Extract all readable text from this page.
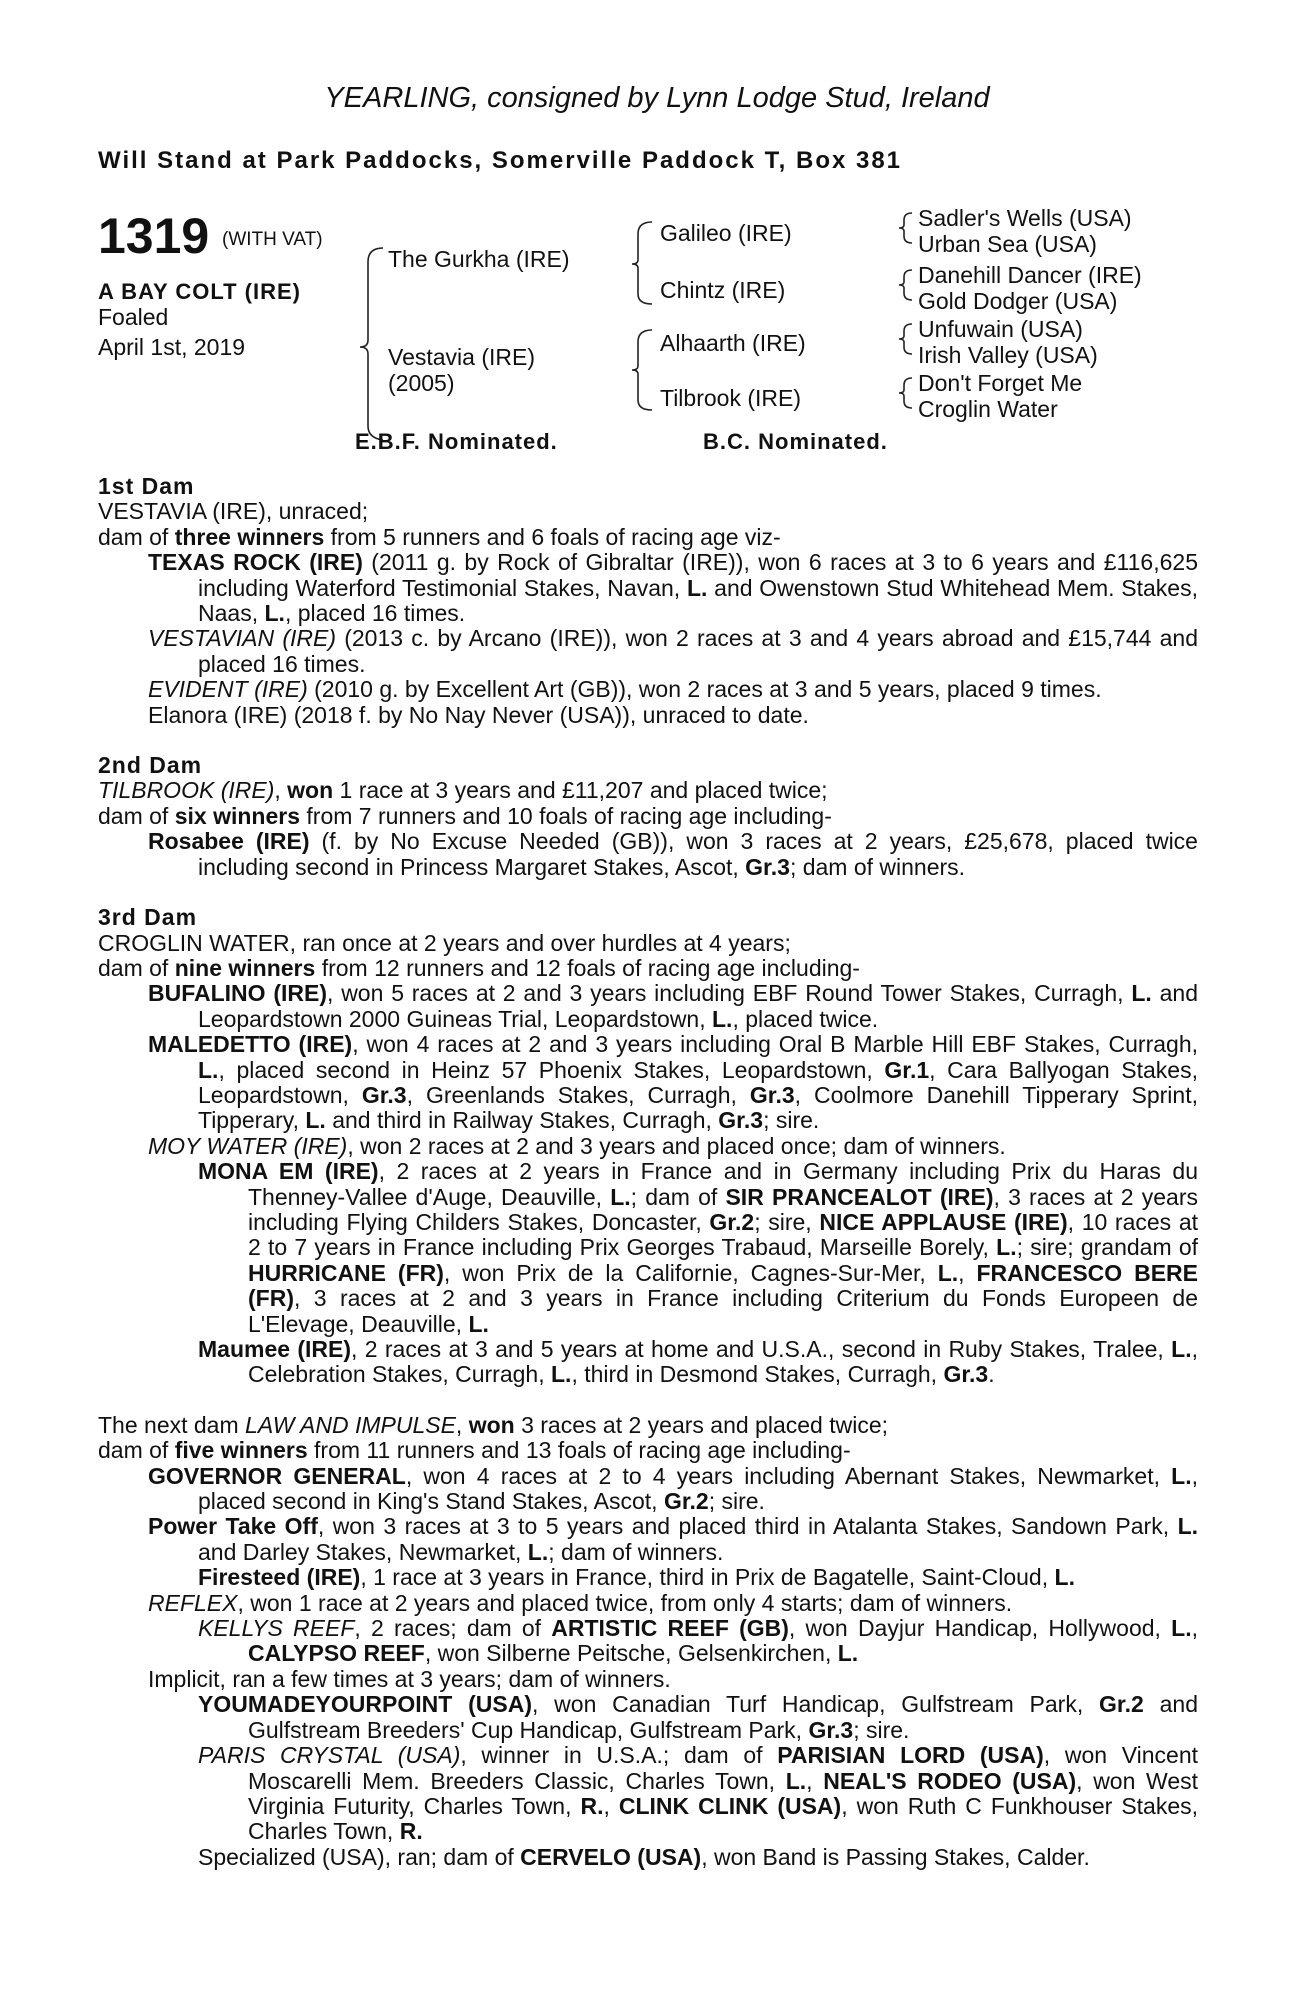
YEARLING, consigned by Lynn Lodge Stud, Ireland
Will Stand at Park Paddocks, Somerville Paddock T, Box 381
1319 (WITH VAT)
A BAY COLT (IRE)
Foaled
April 1st, 2019
The Gurkha (IRE)
Vestavia (IRE)
(2005)
Galileo (IRE)
Chintz (IRE)
Alhaarth (IRE)
Tilbrook (IRE)
Sadler's Wells (USA)
Urban Sea (USA)
Danehill Dancer (IRE)
Gold Dodger (USA)
Unfuwain (USA)
Irish Valley (USA)
Don't Forget Me
Croglin Water
E.B.F. Nominated.	B.C. Nominated.

1st Dam

VESTAVIA (IRE), unraced;

dam of three winners from 5 runners and 6 foals of racing age viz-

TEXAS ROCK (IRE) (2011 g. by Rock of Gibraltar (IRE)), won 6 races at 3 to 6 years and £116,625 including Waterford Testimonial Stakes, Navan, L. and Owenstown Stud Whitehead Mem. Stakes, Naas, L., placed 16 times.

VESTAVIAN (IRE) (2013 c. by Arcano (IRE)), won 2 races at 3 and 4 years abroad and £15,744 and placed 16 times.

EVIDENT (IRE) (2010 g. by Excellent Art (GB)), won 2 races at 3 and 5 years, placed 9 times.

Elanora (IRE) (2018 f. by No Nay Never (USA)), unraced to date.

2nd Dam

TILBROOK (IRE), won 1 race at 3 years and £11,207 and placed twice;

dam of six winners from 7 runners and 10 foals of racing age including-

Rosabee (IRE) (f. by No Excuse Needed (GB)), won 3 races at 2 years, £25,678, placed twice including second in Princess Margaret Stakes, Ascot, Gr.3; dam of winners.

3rd Dam

CROGLIN WATER, ran once at 2 years and over hurdles at 4 years;

dam of nine winners from 12 runners and 12 foals of racing age including-

BUFALINO (IRE), won 5 races at 2 and 3 years including EBF Round Tower Stakes, Curragh, L. and Leopardstown 2000 Guineas Trial, Leopardstown, L., placed twice.

MALEDETTO (IRE), won 4 races at 2 and 3 years including Oral B Marble Hill EBF Stakes, Curragh, L., placed second in Heinz 57 Phoenix Stakes, Leopardstown, Gr.1, Cara Ballyogan Stakes, Leopardstown, Gr.3, Greenlands Stakes, Curragh, Gr.3, Coolmore Danehill Tipperary Sprint, Tipperary, L. and third in Railway Stakes, Curragh, Gr.3; sire.

MOY WATER (IRE), won 2 races at 2 and 3 years and placed once; dam of winners.

MONA EM (IRE), 2 races at 2 years in France and in Germany including Prix du Haras du Thenney-Vallee d'Auge, Deauville, L.; dam of SIR PRANCEALOT (IRE), 3 races at 2 years including Flying Childers Stakes, Doncaster, Gr.2; sire, NICE APPLAUSE (IRE), 10 races at 2 to 7 years in France including Prix Georges Trabaud, Marseille Borely, L.; sire; grandam of HURRICANE (FR), won Prix de la Californie, Cagnes-Sur-Mer, L., FRANCESCO BERE (FR), 3 races at 2 and 3 years in France including Criterium du Fonds Europeen de L'Elevage, Deauville, L.

Maumee (IRE), 2 races at 3 and 5 years at home and U.S.A., second in Ruby Stakes, Tralee, L., Celebration Stakes, Curragh, L., third in Desmond Stakes, Curragh, Gr.3.

The next dam LAW AND IMPULSE, won 3 races at 2 years and placed twice;

dam of five winners from 11 runners and 13 foals of racing age including-

GOVERNOR GENERAL, won 4 races at 2 to 4 years including Abernant Stakes, Newmarket, L., placed second in King's Stand Stakes, Ascot, Gr.2; sire.

Power Take Off, won 3 races at 3 to 5 years and placed third in Atalanta Stakes, Sandown Park, L. and Darley Stakes, Newmarket, L.; dam of winners.

Firesteed (IRE), 1 race at 3 years in France, third in Prix de Bagatelle, Saint-Cloud, L.

REFLEX, won 1 race at 2 years and placed twice, from only 4 starts; dam of winners.

KELLYS REEF, 2 races; dam of ARTISTIC REEF (GB), won Dayjur Handicap, Hollywood, L., CALYPSO REEF, won Silberne Peitsche, Gelsenkirchen, L.

Implicit, ran a few times at 3 years; dam of winners.

YOUMADEYOURPOINT (USA), won Canadian Turf Handicap, Gulfstream Park, Gr.2 and Gulfstream Breeders' Cup Handicap, Gulfstream Park, Gr.3; sire.

PARIS CRYSTAL (USA), winner in U.S.A.; dam of PARISIAN LORD (USA), won Vincent Moscarelli Mem. Breeders Classic, Charles Town, L., NEAL'S RODEO (USA), won West Virginia Futurity, Charles Town, R., CLINK CLINK (USA), won Ruth C Funkhouser Stakes, Charles Town, R.

Specialized (USA), ran; dam of CERVELO (USA), won Band is Passing Stakes, Calder.
